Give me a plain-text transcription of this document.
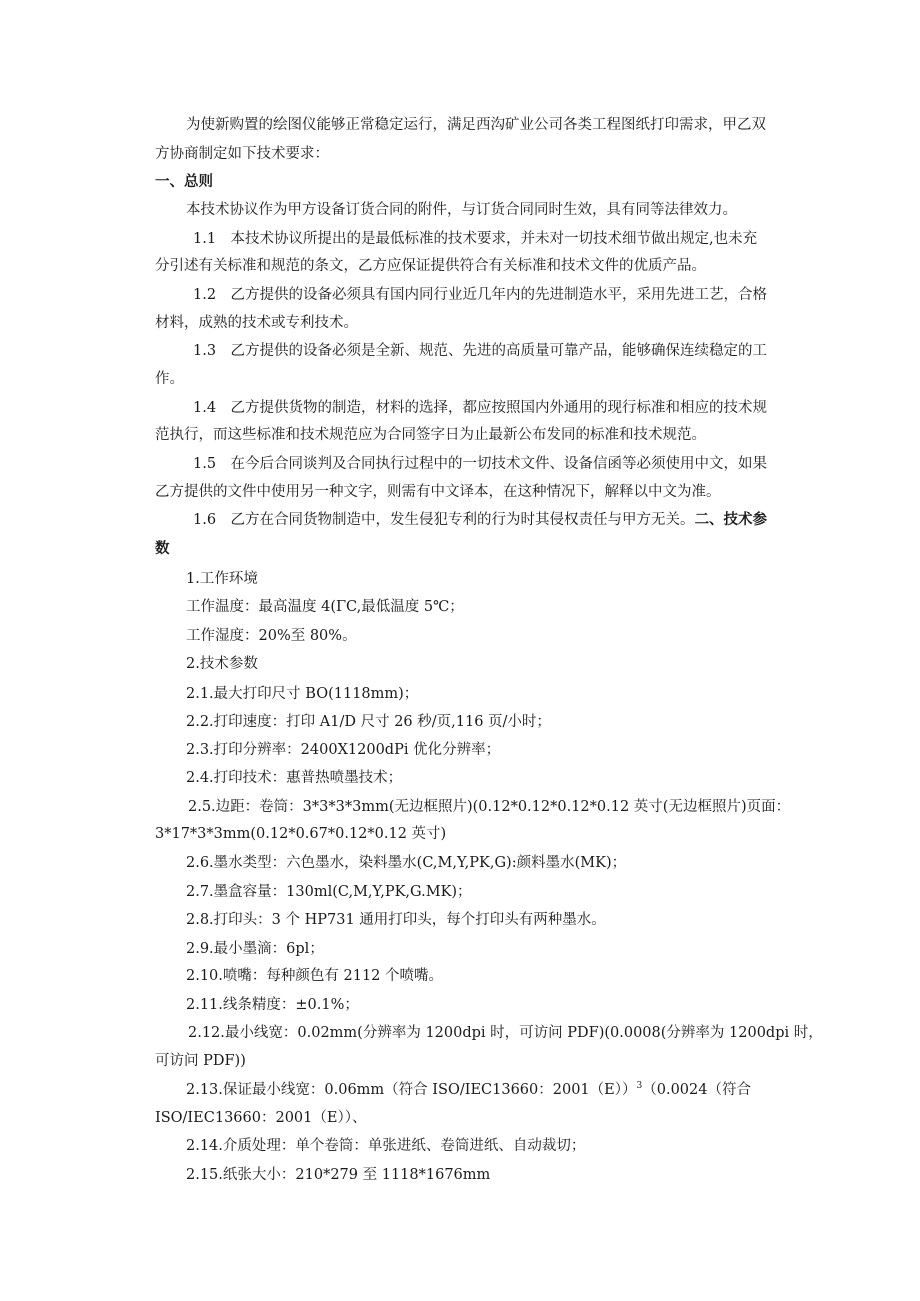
为使新购置的绘图仪能够正常稳定运行，满足西沟矿业公司各类工程图纸打印需求，甲乙双
方协商制定如下技术要求：
一、总则
本技术协议作为甲方设备订货合同的附件，与订货合同同时生效，具有同等法律效力。
1.1　本技术协议所提出的是最低标准的技术要求，并未对一切技术细节做出规定,也未充
分引述有关标准和规范的条文，乙方应保证提供符合有关标准和技术文件的优质产品。
1.2　乙方提供的设备必须具有国内同行业近几年内的先进制造水平，采用先进工艺，合格
材料，成熟的技术或专利技术。
1.3　乙方提供的设备必须是全新、规范、先进的高质量可靠产品，能够确保连续稳定的工
作。
1.4　乙方提供货物的制造，材料的选择，都应按照国内外通用的现行标准和相应的技术规
范执行，而这些标准和技术规范应为合同签字日为止最新公布发同的标准和技术规范。
1.5　在今后合同谈判及合同执行过程中的一切技术文件、设备信函等必须使用中文，如果
乙方提供的文件中使用另一种文字，则需有中文译本，在这种情况下，解释以中文为准。
1.6　乙方在合同货物制造中，发生侵犯专利的行为时其侵权责任与甲方无关。二、技术参
数
1.工作环境
工作温度：最高温度 4(ΓC,最低温度 5℃；
工作湿度：20%至 80%。
2.技术参数
2.1.最大打印尺寸 BO(1118mm)；
2.2.打印速度：打印 A1/D 尺寸 26 秒/页,116 页/小时；
2.3.打印分辨率：2400X1200dPi 优化分辨率；
2.4.打印技术：惠普热喷墨技术；
2.5.边距：卷筒：3*3*3*3mm(无边框照片)(0.12*0.12*0.12*0.12 英寸(无边框照片)页面：
3*17*3*3mm(0.12*0.67*0.12*0.12 英寸)
2.6.墨水类型：六色墨水，染料墨水(C,M,Y,PK,G):颜料墨水(MK)；
2.7.墨盒容量：130ml(C,M,Y,PK,G.MK)；
2.8.打印头：3 个 HP731 通用打印头，每个打印头有两种墨水。
2.9.最小墨滴：6pl；
2.10.喷嘴：每种颜色有 2112 个喷嘴。
2.11.线条精度：±0.1%；
2.12.最小线宽：0.02mm(分辨率为 1200dpi 时，可访问 PDF)(0.0008(分辨率为 1200dpi 时，
可访问 PDF))
2.13.保证最小线宽：0.06mm（符合 ISO/IEC13660：2001（E））$^3$（0.0024（符合
ISO/IEC13660：2001（E））、
2.14.介质处理：单个卷筒：单张进纸、卷筒进纸、自动裁切；
2.15.纸张大小：210*279 至 1118*1676mm
